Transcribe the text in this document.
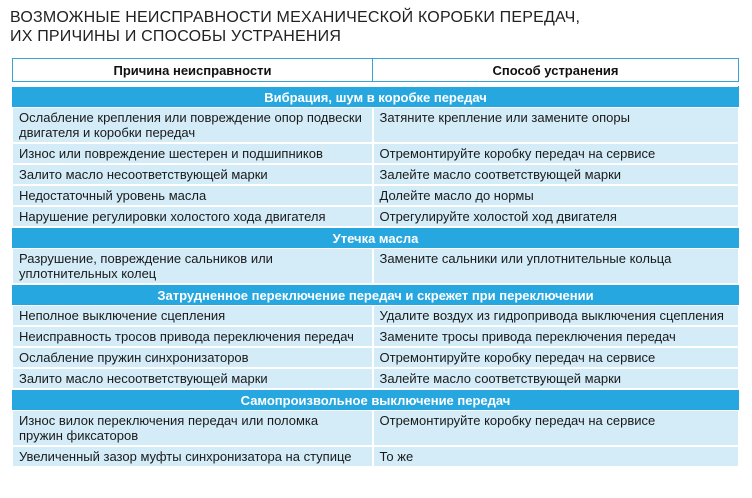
ВОЗМОЖНЫЕ НЕИСПРАВНОСТИ МЕХАНИЧЕСКОЙ КОРОБКИ ПЕРЕДАЧ,
ИХ ПРИЧИНЫ И СПОСОБЫ УСТРАНЕНИЯ
Причина неисправности	Способ устранения

Вибрация, шум в коробке передач	
Ослабление крепления или повреждение опор подвески двигателя и коробки передач	Затяните крепление или замените опоры
Износ или повреждение шестерен и подшипников	Отремонтируйте коробку передач на сервисе
Залито масло несоответствующей марки	Залейте масло соответствующей марки
Недостаточный уровень масла	Долейте масло до нормы
Нарушение регулировки холостого хода двигателя	Отрегулируйте холостой ход двигателя
Утечка масла	
Разрушение, повреждение сальников или уплотнительных колец	Замените сальники или уплотнительные кольца
Затрудненное переключение передач и скрежет при переключении	
Неполное выключение сцепления	Удалите воздух из гидропривода выключения сцепления
Неисправность тросов привода переключения передач	Замените тросы привода переключения передач
Ослабление пружин синхронизаторов	Отремонтируйте коробку передач на сервисе
Залито масло несоответствующей марки	Залейте масло соответствующей марки
Самопроизвольное выключение передач	
Износ вилок переключения передач или поломка пружин фиксаторов	Отремонтируйте коробку передач на сервисе
Увеличенный зазор муфты синхронизатора на ступице	То же
